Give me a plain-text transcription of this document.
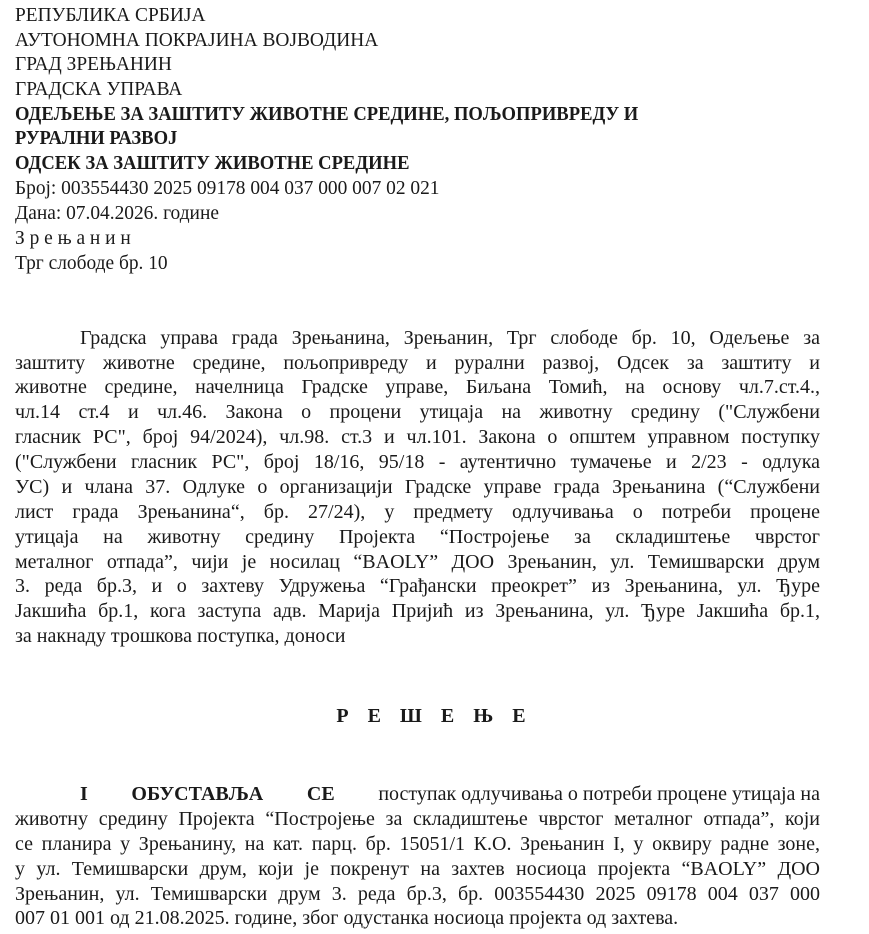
РЕПУБЛИКА СРБИЈА
АУТОНОМНА ПОКРАЈИНА ВОЈВОДИНА
ГРАД ЗРЕЊАНИН
ГРАДСКА УПРАВА
ОДЕЉЕЊЕ ЗА ЗАШТИТУ ЖИВОТНЕ СРЕДИНЕ, ПОЉОПРИВРЕДУ И
РУРАЛНИ РАЗВОЈ
ОДСЕК ЗА ЗАШТИТУ ЖИВОТНЕ СРЕДИНЕ
Број: 003554430 2025 09178 004 037 000 007 02 021
Дана: 07.04.2026. године
З р е њ а н и н
Трг слободе бр. 10
Градска управа града Зрењанина, Зрењанин, Трг слободе бр. 10, Одељење за
заштиту животне средине, пољопривреду и рурални развој, Одсек за заштиту и
животне средине, начелница Градске управе, Биљана Томић, на основу чл.7.ст.4.,
чл.14 ст.4 и чл.46. Закона о процени утицаја на животну средину ("Службени
гласник РС", број 94/2024), чл.98. ст.3 и чл.101. Закона о општем управном поступку
("Службени гласник РС", број 18/16, 95/18 - аутентично тумачење и 2/23 - одлука
УС) и члана 37. Одлуке о организацији Градске управе града Зрењанина (“Службени
лист града Зрењанина“, бр. 27/24), у предмету одлучивања о потреби процене
утицаја на животну средину Пројекта “Постројење за складиштење чврстог
металног отпада”, чији је носилац “BAOLY” ДОО Зрењанин, ул. Темишварски друм
3. реда бр.3, и о захтеву Удружења “Грађански преокрет” из Зрењанина, ул. Ђуре
Јакшића бр.1, кога заступа адв. Марија Пријић из Зрењанина, ул. Ђуре Јакшића бр.1,
за накнаду трошкова поступка, доноси
Р Е Ш Е Њ Е
I ОБУСТАВЉА СЕ поступак одлучивања о потреби процене утицаја на
животну средину Пројекта “Постројење за складиштење чврстог металног отпада”, који
се планира у Зрењанину, на кат. парц. бр. 15051/1 К.О. Зрењанин I, у оквиру радне зоне,
у ул. Темишварски друм, који је покренут на захтев носиоца пројекта “BAOLY” ДОО
Зрењанин, ул. Темишварски друм 3. реда бр.3, бр. 003554430 2025 09178 004 037 000
007 01 001 од 21.08.2025. године, због одустанка носиоца пројекта од захтева.
